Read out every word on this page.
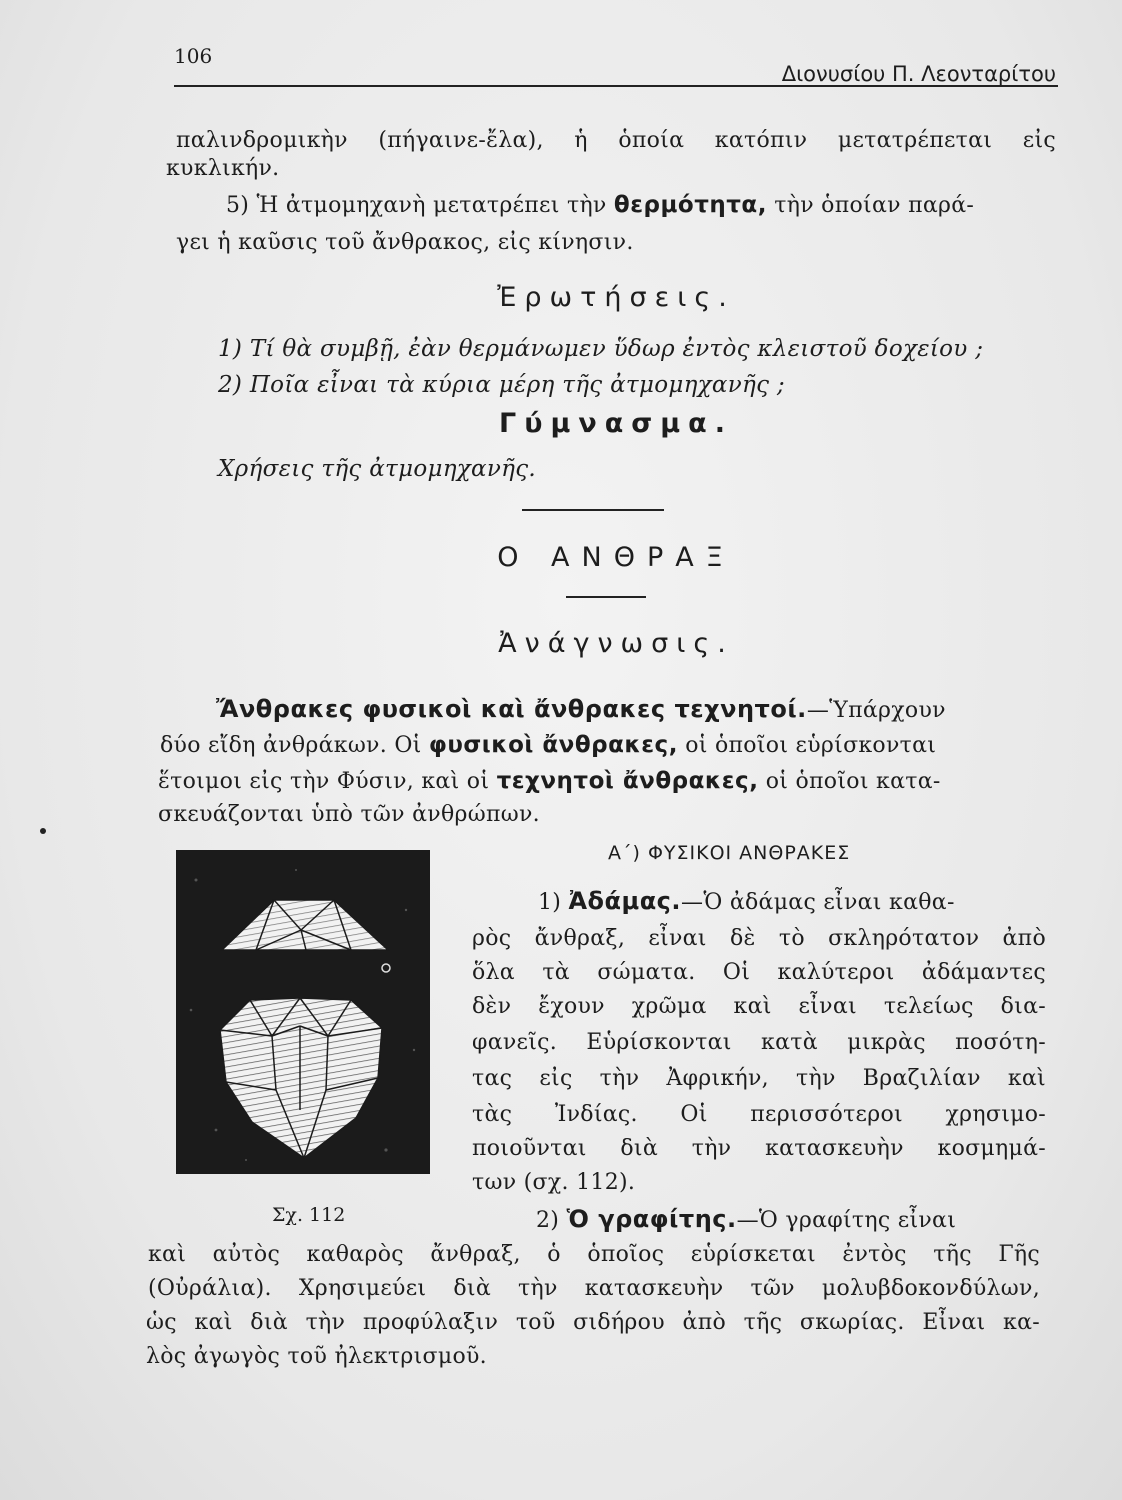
106
Διονυσίου Π. Λεονταρίτου
παλινδρομικὴν (πήγαινε-ἔλα), ἡ ὁποία κατόπιν μετατρέπεται εἰς
κυκλικήν.
5) Ἡ ἀτμομηχανὴ μετατρέπει τὴν θερμότητα, τὴν ὁποίαν παρά-
γει ἡ καῦσις τοῦ ἄνθρακος, εἰς κίνησιν.
Ἐρωτήσεις.
1) Τί θὰ συμβῇ, ἐὰν θερμάνωμεν ὕδωρ ἐντὸς κλειστοῦ δοχείου ;
2) Ποῖα εἶναι τὰ κύρια μέρη τῆς ἀτμομηχανῆς ;
Γύμνασμα.
Χρήσεις τῆς ἀτμομηχανῆς.
Ο ΑΝΘΡΑΞ
Ἀνάγνωσις.
Ἄνθρακες φυσικοὶ καὶ ἄνθρακες τεχνητοί.—Ὑπάρχουν
δύο εἴδη ἀνθράκων. Οἱ φυσικοὶ ἄνθρακες, οἱ ὁποῖοι εὑρίσκονται
ἕτοιμοι εἰς τὴν Φύσιν, καὶ οἱ τεχνητοὶ ἄνθρακες, οἱ ὁποῖοι κατα-
σκευάζονται ὑπὸ τῶν ἀνθρώπων.
Α΄) ΦΥΣΙΚΟΙ ΑΝΘΡΑΚΕΣ
1) Ἀδάμας.—Ὁ ἀδάμας εἶναι καθα-
ρὸς ἄνθραξ, εἶναι δὲ τὸ σκληρότατον ἀπὸ
ὅλα τὰ σώματα. Οἱ καλύτεροι ἀδάμαντες
δὲν ἔχουν χρῶμα καὶ εἶναι τελείως δια-
φανεῖς. Εὑρίσκονται κατὰ μικρὰς ποσότη-
τας εἰς τὴν Ἀφρικήν, τὴν Βραζιλίαν καὶ
τὰς Ἰνδίας. Οἱ περισσότεροι χρησιμο-
ποιοῦνται διὰ τὴν κατασκευὴν κοσμημά-
των (σχ. 112).
Σχ. 112	2) Ὁ γραφίτης.—Ὁ γραφίτης εἶναι
καὶ αὐτὸς καθαρὸς ἄνθραξ, ὁ ὁποῖος εὑρίσκεται ἐντὸς τῆς Γῆς
(Οὐράλια). Χρησιμεύει διὰ τὴν κατασκευὴν τῶν μολυβδοκονδύλων,
ὡς καὶ διὰ τὴν προφύλαξιν τοῦ σιδήρου ἀπὸ τῆς σκωρίας. Εἶναι κα-
λὸς ἀγωγὸς τοῦ ἠλεκτρισμοῦ.
